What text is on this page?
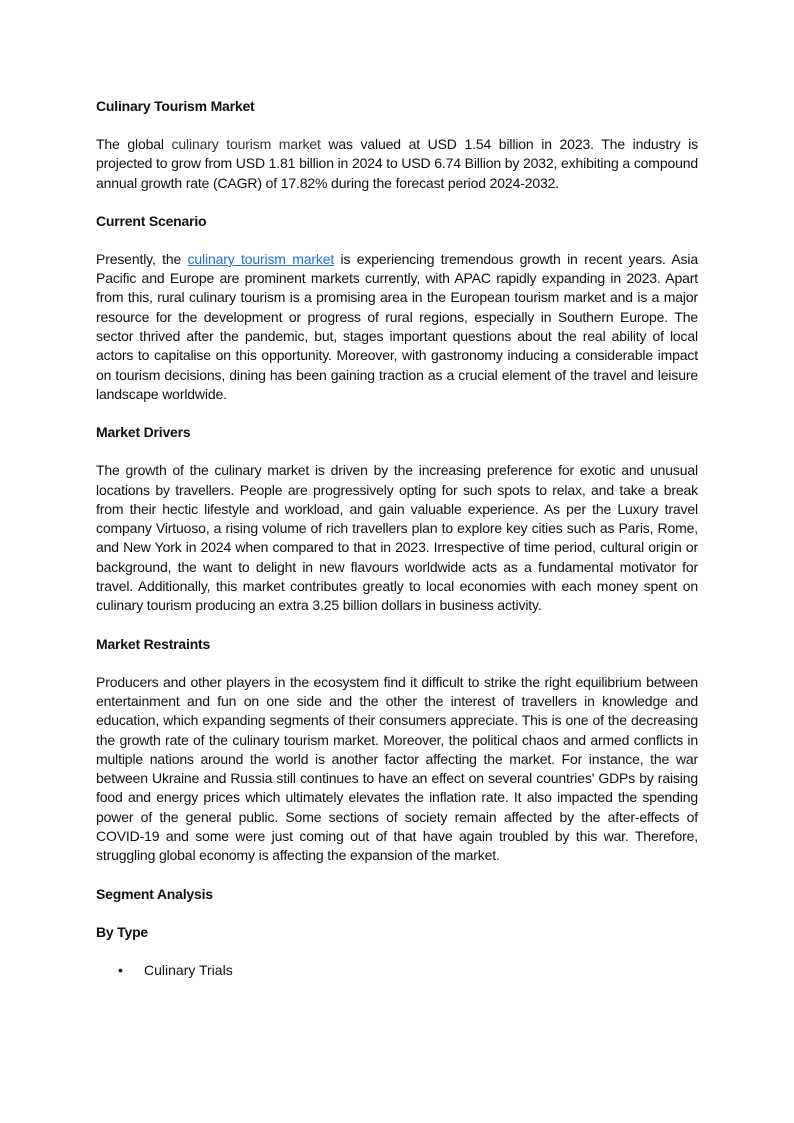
Culinary Tourism Market

The global culinary tourism market was valued at USD 1.54 billion in 2023. The industry is projected to grow from USD 1.81 billion in 2024 to USD 6.74 Billion by 2032, exhibiting a compound annual growth rate (CAGR) of 17.82% during the forecast period 2024-2032.

Current Scenario

Presently, the culinary tourism market is experiencing tremendous growth in recent years. Asia Pacific and Europe are prominent markets currently, with APAC rapidly expanding in 2023. Apart from this, rural culinary tourism is a promising area in the European tourism market and is a major resource for the development or progress of rural regions, especially in Southern Europe. The sector thrived after the pandemic, but, stages important questions about the real ability of local actors to capitalise on this opportunity. Moreover, with gastronomy inducing a considerable impact on tourism decisions, dining has been gaining traction as a crucial element of the travel and leisure landscape worldwide.

Market Drivers

The growth of the culinary market is driven by the increasing preference for exotic and unusual locations by travellers. People are progressively opting for such spots to relax, and take a break from their hectic lifestyle and workload, and gain valuable experience. As per the Luxury travel company Virtuoso, a rising volume of rich travellers plan to explore key cities such as Paris, Rome, and New York in 2024 when compared to that in 2023. Irrespective of time period, cultural origin or background, the want to delight in new flavours worldwide acts as a fundamental motivator for travel. Additionally, this market contributes greatly to local economies with each money spent on culinary tourism producing an extra 3.25 billion dollars in business activity.

Market Restraints

Producers and other players in the ecosystem find it difficult to strike the right equilibrium between entertainment and fun on one side and the other the interest of travellers in knowledge and education, which expanding segments of their consumers appreciate. This is one of the decreasing the growth rate of the culinary tourism market. Moreover, the political chaos and armed conflicts in multiple nations around the world is another factor affecting the market. For instance, the war between Ukraine and Russia still continues to have an effect on several countries' GDPs by raising food and energy prices which ultimately elevates the inflation rate. It also impacted the spending power of the general public. Some sections of society remain affected by the after-effects of COVID-19 and some were just coming out of that have again troubled by this war. Therefore, struggling global economy is affecting the expansion of the market.

Segment Analysis

By Type

• Culinary Trials
